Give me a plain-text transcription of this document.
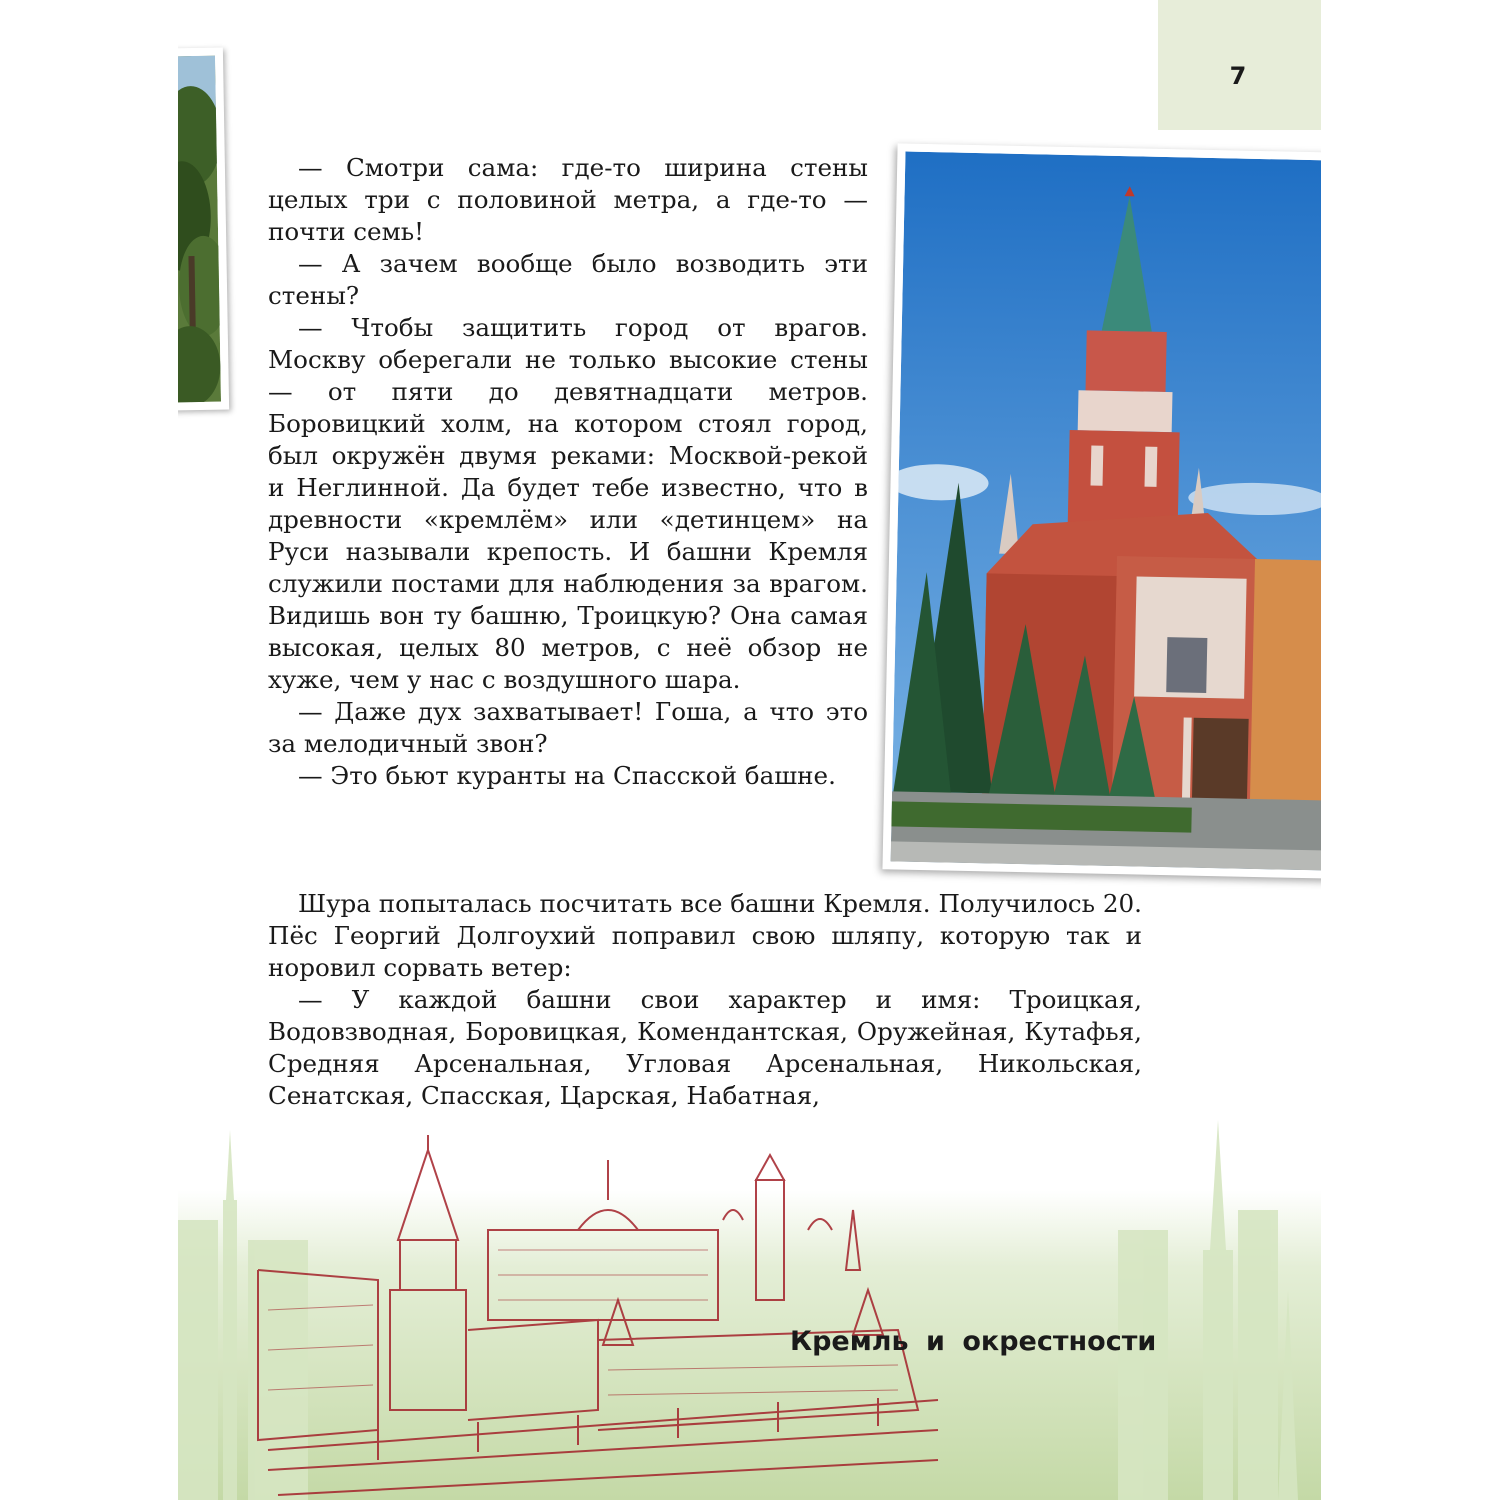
7

— Смотри сама: где-то ширина стены целых три с половиной метра, а где-то — почти семь!

— А зачем вообще было возводить эти стены?

— Чтобы защитить город от врагов. Москву оберегали не только высокие стены — от пяти до девятнадцати метров. Боровицкий холм, на котором стоял город, был окружён двумя реками: Москвой-рекой и Неглинной. Да будет тебе известно, что в древности «кремлём» или «детинцем» на Руси называли крепость. И башни Кремля служили постами для наблюдения за врагом. Видишь вон ту башню, Троицкую? Она самая высокая, целых 80 метров, с неё обзор не хуже, чем у нас с воздушного шара.

— Даже дух захватывает! Гоша, а что это за мелодичный звон?

— Это бьют куранты на Спасской башне.

Шура попыталась посчитать все башни Кремля. Получилось 20. Пёс Георгий Долгоухий поправил свою шляпу, которую так и норовил сорвать ветер:

— У каждой башни свои характер и имя: Троицкая, Водовзводная, Боровицкая, Комендантская, Оружейная, Кутафья, Средняя Арсенальная, Угловая Арсенальная, Никольская, Сенатская, Спасская, Царская, Набатная,

Кремль и окрестности
